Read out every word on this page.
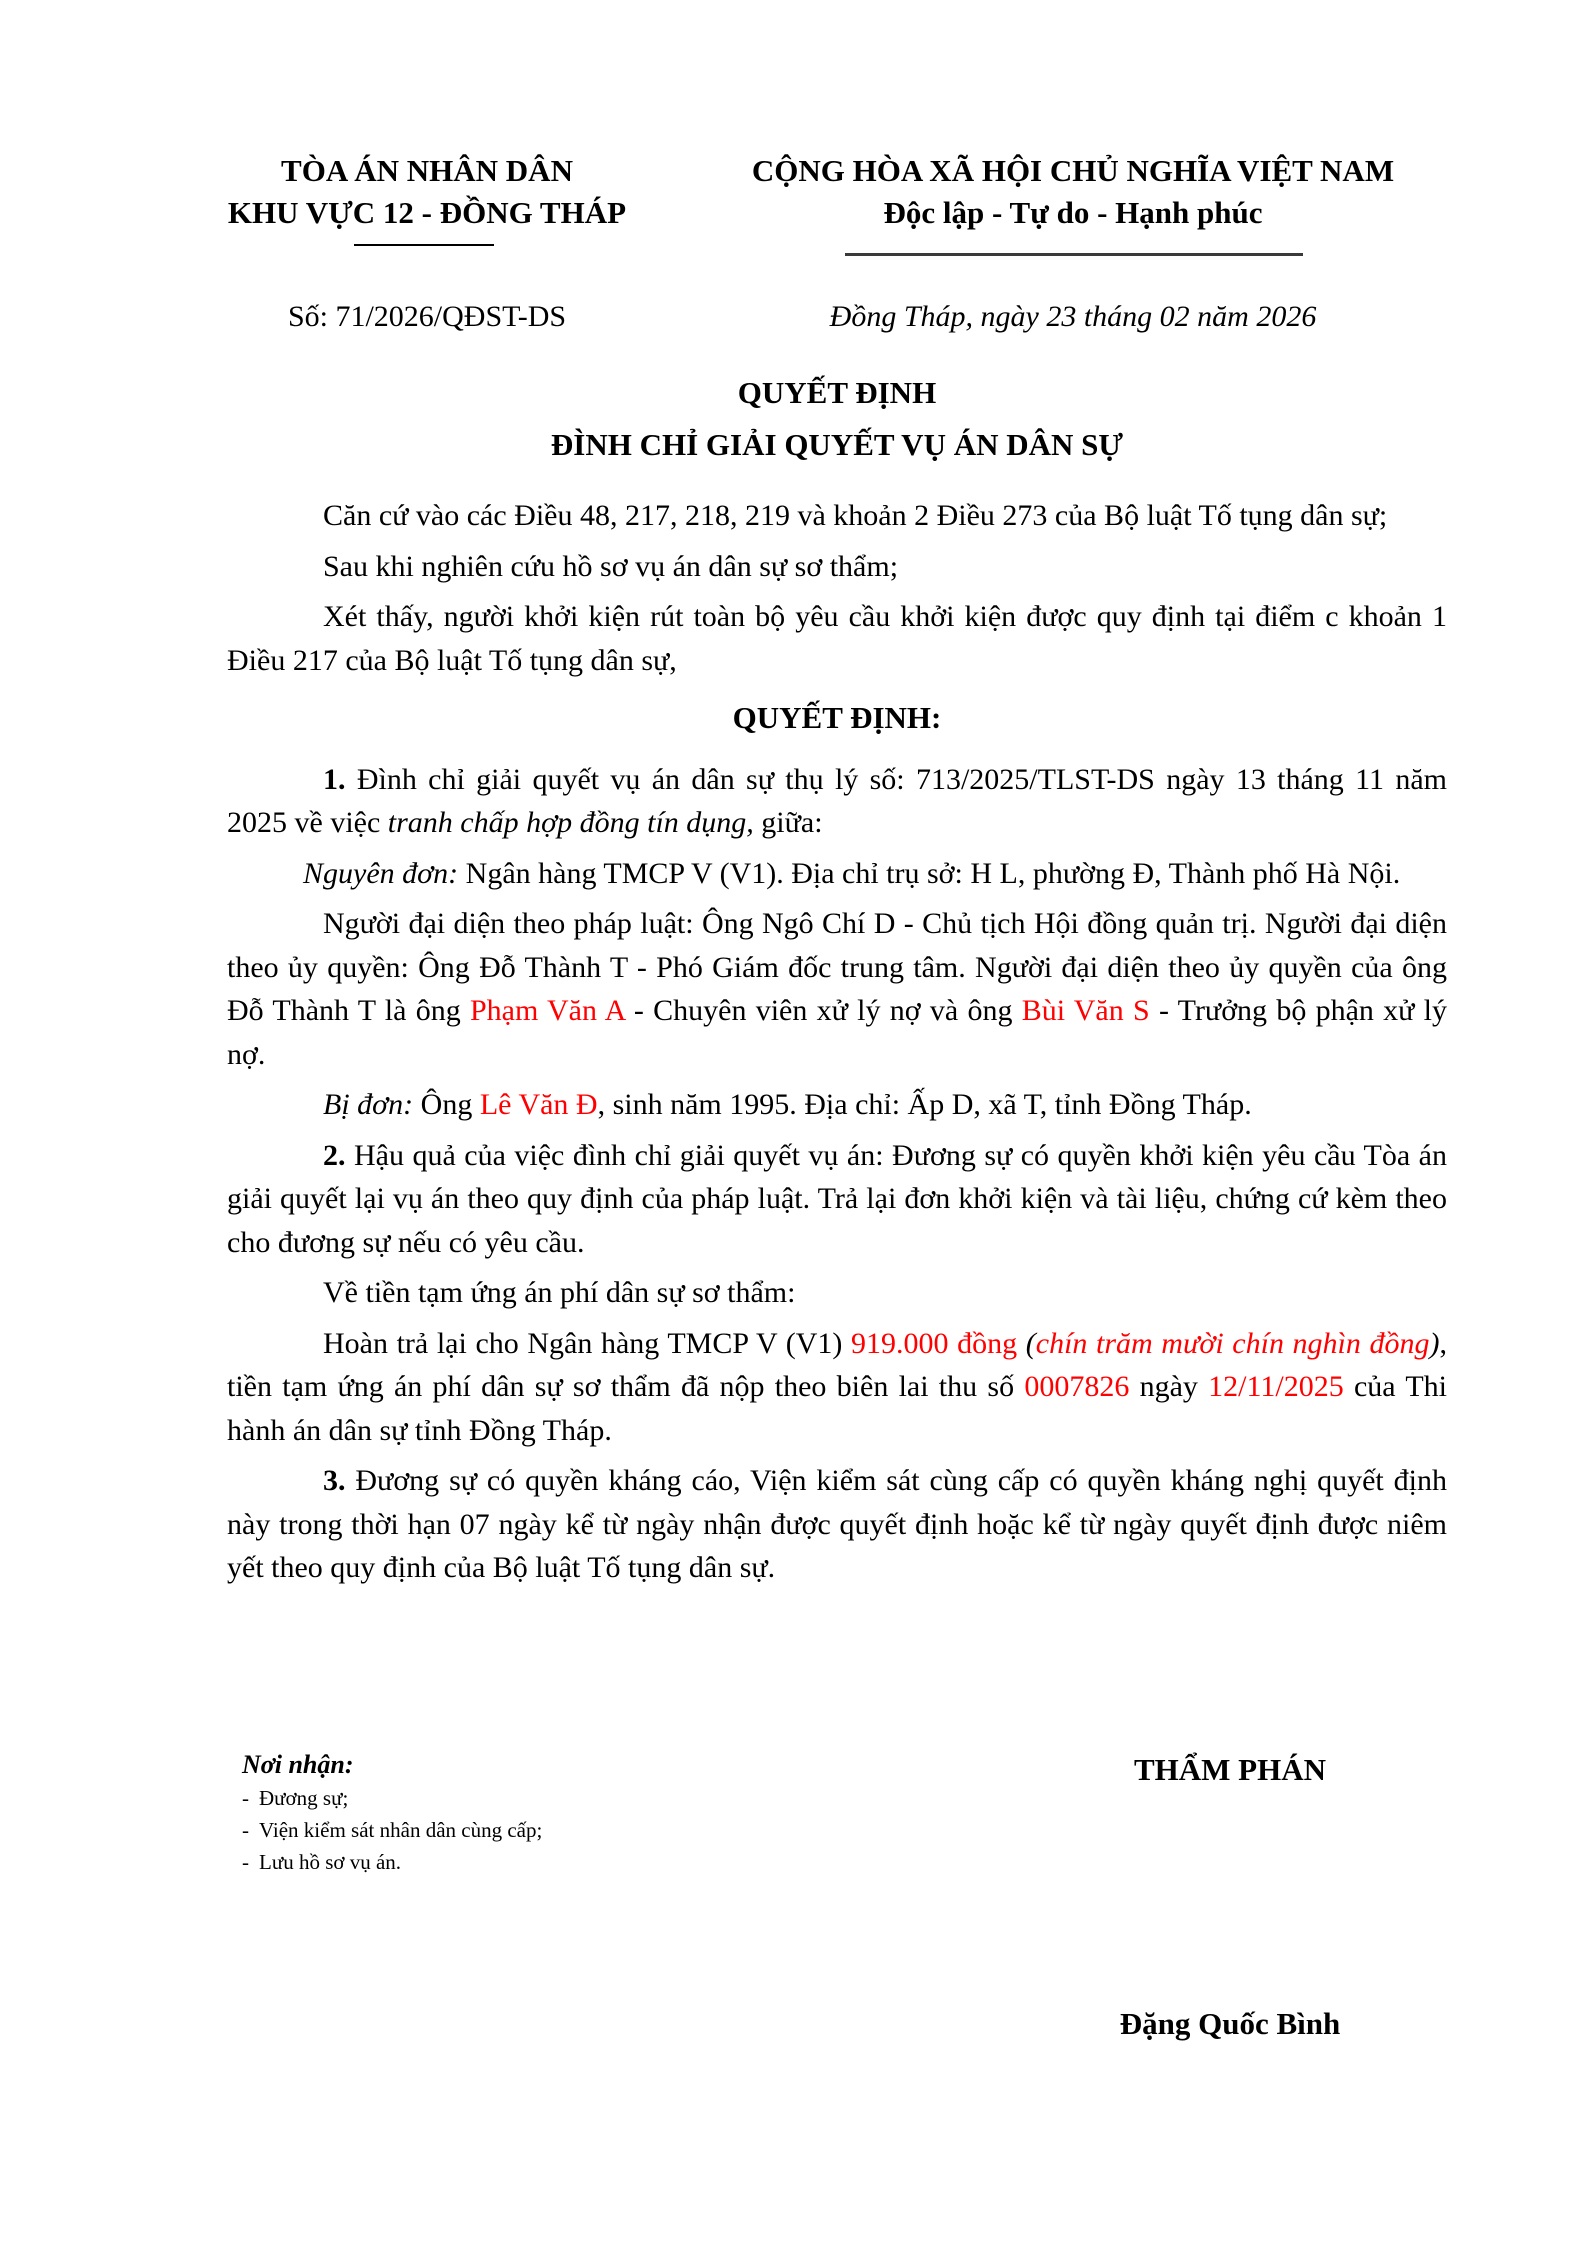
TÒA ÁN NHÂN DÂN
KHU VỰC 12 - ĐỒNG THÁP
CỘNG HÒA XÃ HỘI CHỦ NGHĨA VIỆT NAM
Độc lập - Tự do - Hạnh phúc
Số: 71/2026/QĐST-DS	Đồng Tháp, ngày 23 tháng 02 năm 2026
QUYẾT ĐỊNH
ĐÌNH CHỈ GIẢI QUYẾT VỤ ÁN DÂN SỰ

Căn cứ vào các Điều 48, 217, 218, 219 và khoản 2 Điều 273 của Bộ luật Tố tụng dân sự;

Sau khi nghiên cứu hồ sơ vụ án dân sự sơ thẩm;

Xét thấy, người khởi kiện rút toàn bộ yêu cầu khởi kiện được quy định tại điểm c khoản 1 Điều 217 của Bộ luật Tố tụng dân sự,

QUYẾT ĐỊNH:

1. Đình chỉ giải quyết vụ án dân sự thụ lý số: 713/2025/TLST-DS ngày 13 tháng 11 năm 2025 về việc tranh chấp hợp đồng tín dụng, giữa:

Nguyên đơn: Ngân hàng TMCP V (V1). Địa chỉ trụ sở: H L, phường Đ, Thành phố Hà Nội.

Người đại diện theo pháp luật: Ông Ngô Chí D - Chủ tịch Hội đồng quản trị. Người đại diện theo ủy quyền: Ông Đỗ Thành T - Phó Giám đốc trung tâm. Người đại diện theo ủy quyền của ông Đỗ Thành T là ông Phạm Văn A - Chuyên viên xử lý nợ và ông Bùi Văn S - Trưởng bộ phận xử lý nợ.

Bị đơn: Ông Lê Văn Đ, sinh năm 1995. Địa chỉ: Ấp D, xã T, tỉnh Đồng Tháp.

2. Hậu quả của việc đình chỉ giải quyết vụ án: Đương sự có quyền khởi kiện yêu cầu Tòa án giải quyết lại vụ án theo quy định của pháp luật. Trả lại đơn khởi kiện và tài liệu, chứng cứ kèm theo cho đương sự nếu có yêu cầu.

Về tiền tạm ứng án phí dân sự sơ thẩm:

Hoàn trả lại cho Ngân hàng TMCP V (V1) 919.000 đồng (chín trăm mười chín nghìn đồng), tiền tạm ứng án phí dân sự sơ thẩm đã nộp theo biên lai thu số 0007826 ngày 12/11/2025 của Thi hành án dân sự tỉnh Đồng Tháp.

3. Đương sự có quyền kháng cáo, Viện kiểm sát cùng cấp có quyền kháng nghị quyết định này trong thời hạn 07 ngày kể từ ngày nhận được quyết định hoặc kể từ ngày quyết định được niêm yết theo quy định của Bộ luật Tố tụng dân sự.

Nơi nhận:
- Đương sự;
- Viện kiểm sát nhân dân cùng cấp;
- Lưu hồ sơ vụ án.
THẨM PHÁN
Đặng Quốc Bình
